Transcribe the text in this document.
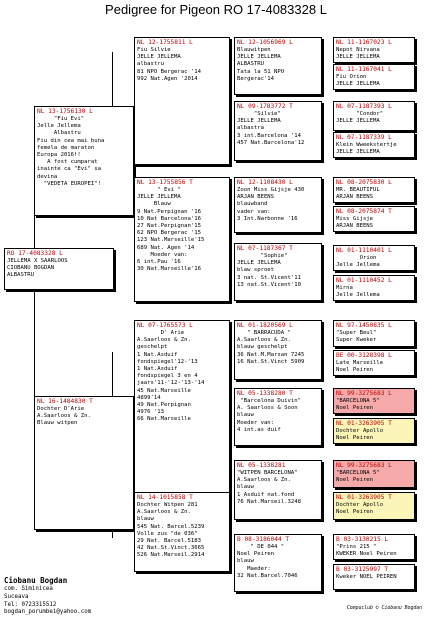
Pedigree for Pigeon RO 17-4083328 L
RO 17-4083328 L
JELLEMA X SAARLOOS
CIOBANU BOGDAN
ALBASTRU
NL 13-1756130 L
"Fiu Evi"
Jelle Jellema
Albastru
Fiu din cea mai buna
femela de maraton
Europa 2016!!
A fost cumparat
inainte ca "Evi" sa
devina
"VEDETA EUROPEI"!
NL 16-1484830 T
Dochter D'Arie
A.Saarloos & Zn.
Blauw witpen
NL 12-1755811 L
Fiu Silvie
JELLE JELLEMA
albastru
81 NPO Bergerac '14
992 Nat.Agen '2014
NL 13-1755856 T
" Evi "
JELLE JELLEMA
Blauw
9 Nat.Perpignan '16
10 Nat Barcelona'16
27 Nat.Perpignan'15
62 NPO Bergerac '15
123 Nat.Marseille'15
689 Nat. Agen '14
Moeder van:
6 int.Pau '16
30 Nat.Marseille'16
NL 07-1765573 L
D' Arie
A.Saarloos & Zn.
geschelpt
1 Nat.Asduif
fondspiegel'12-'13
1 Nat.Asduif
fondspiegel 3 en 4
jaars'11-'12-'13-'14
45 Nat.Marseille
4899'14
49 Nat.Perpignan
4976 '13
66 Nat.Marseille
NL 14-1015858 T
Dochter Witpen 281
A.Saarloos & Zn.
blauw
545 Nat. Barcel.5239
Volle zus "de 036"
29 Nat. Barcel.5183
42 Nat.St.Vinct.3665
526 Nat.Marseil.2914
NL 12-1056969 L
Blauwitpen
JELLE JELLEMA
ALBASTRU
Tata la 51 NPO
Bergerac'14
NL 09-1783772 T
"Silvie"
JELLE JELLEMA
albastra
3 int.Barcelona '14
457 Nat.Barcelona'12
NL 12-1108430 L
Zoon Miss Gijsje 430
ARJAN BEENS
blauwband
vader van:
3 Int.Narbonne '16
NL 07-1187367 T
"Sophie"
JELLE JELLEMA
blaw sproet
3 nat. St.Vicent'11
13 nat.St.Vicent'10
NL 01-1820569 L
" BARRACUDA "
A.Saarloos & Zn.
blauw geschelpt
36 Nat.M.Marsan 7245
16 Nat.St.Vinct 5909
NL 05-1338280 T
"Barcelona Duivin"
A. Saarloos & Soon
blauw
Moeder van:
4 int.as duif
NL 05-1338281
"WITPEN BARCELONA"
A.Saarloos & Zn.
blauw
1 Asduif nat.fond
76 Nat.Marseil.3248
B 08-3186044 T
" DE 044 "
Noel Peiren
blauw
Maeder:
32 Nat.Barcel.7046
NL 11-1167023 L
Nepot Nirvana
JELLE JELLEMA
NL 11-1167041 L
Fiu Orion
JELLE JELLEMA
NL 07-1187393 L
"Condor"
JELLE JELLEMA
NL 07-1187339 L
Klein Wweekstertje
JELLE JELLEMA
NL 08-2075830 L
MR. BEAUTIFUL
ARJAN BEENS
NL 08-2075874 T
Miss Gijsje
ARJAN BEENS
NL 01-1110401 L
Orion
Jelle Jellema
NL 01-1110452 L
Mirna
Jelle Jellema
NL 97-1450835 L
"Super Beul"
Super Kweker
BE 00-3128398 L
Late Marseille
Noel Peiren
NL 99-3275683 L
"BARCELONA 5"
Noel Peiren
NL 01-3263905 T
Dochter Apollo
Noel Peiren
NL 99-3275683 L
"BARCELONA 5"
Noel Peiren
NL 01-3263905 T
Dochter Apollo
Noel Peiren
B 03-3130215 L
"Prins 215 "
KWEKER Noel Peiren
B 03-3125997 T
Kweker NOEL PEIREN
Ciobanu Bogdan
com. Siminicea
Suceava
Tel: 0723315512
bogdan_porumbei@yahoo.com
Compuclub © Ciobanu Bogdan
